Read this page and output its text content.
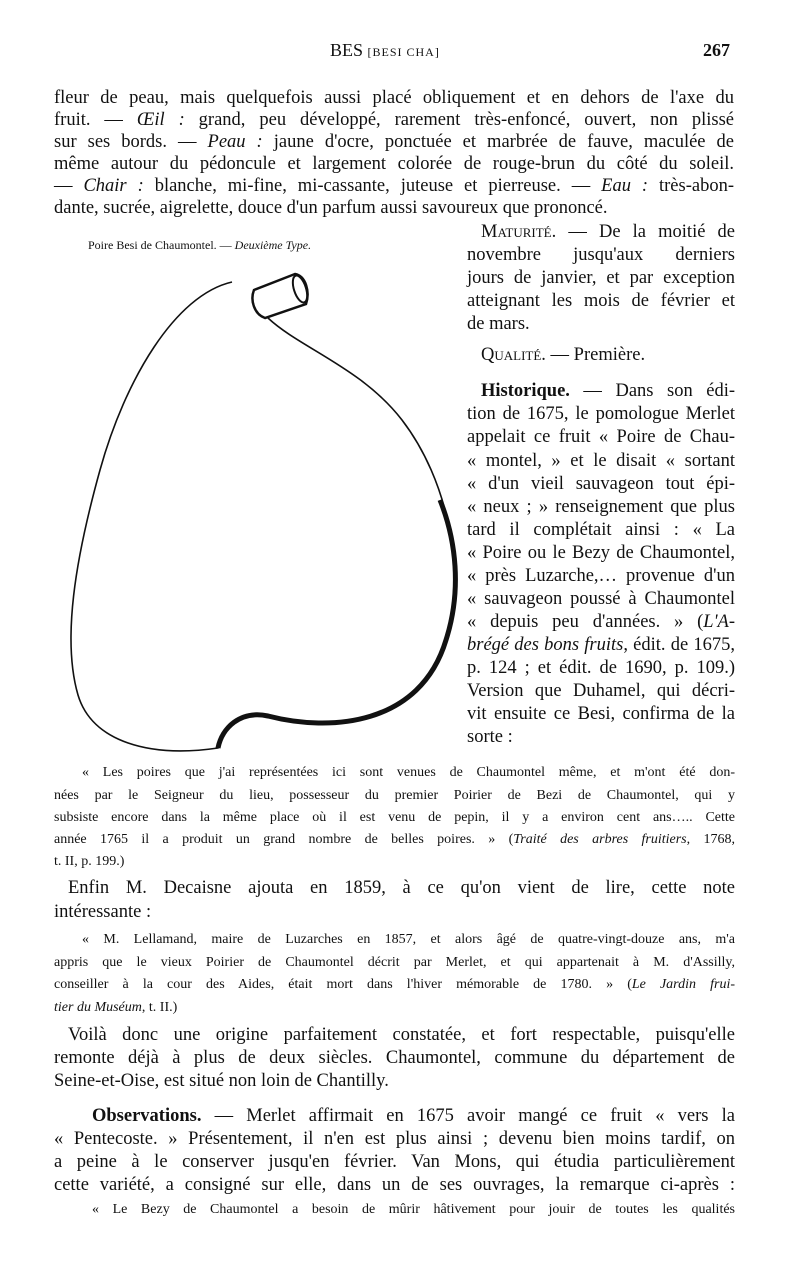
BES [BESI CHA]	267
Poire Besi de Chaumontel. — Deuxième Type.
fleur de peau, mais quelquefois aussi placé obliquement et en dehors de l'axe du
fruit. — Œil : grand, peu développé, rarement très-enfoncé, ouvert, non plissé
sur ses bords. — Peau : jaune d'ocre, ponctuée et marbrée de fauve, maculée de
même autour du pédoncule et largement colorée de rouge-brun du côté du soleil.
— Chair : blanche, mi-fine, mi-cassante, juteuse et pierreuse. — Eau : très-abon-
dante, sucrée, aigrelette, douce d'un parfum aussi savoureux que prononcé.
Maturité. — De la moitié de
novembre jusqu'aux derniers
jours de janvier, et par exception
atteignant les mois de février et
de mars.
Qualité. — Première.
Historique. — Dans son édi-
tion de 1675, le pomologue Merlet
appelait ce fruit « Poire de Chau-
« montel, » et le disait « sortant
« d'un vieil sauvageon tout épi-
« neux ; » renseignement que plus
tard il complétait ainsi : « La
« Poire ou le Bezy de Chaumontel,
« près Luzarche,… provenue d'un
« sauvageon poussé à Chaumontel
« depuis peu d'années. » (L'A-
brégé des bons fruits, édit. de 1675,
p. 124 ; et édit. de 1690, p. 109.)
Version que Duhamel, qui décri-
vit ensuite ce Besi, confirma de la
sorte :
« Les poires que j'ai représentées ici sont venues de Chaumontel même, et m'ont été don-
nées par le Seigneur du lieu, possesseur du premier Poirier de Bezi de Chaumontel, qui y
subsiste encore dans la même place où il est venu de pepin, il y a environ cent ans….. Cette
année 1765 il a produit un grand nombre de belles poires. » (Traité des arbres fruitiers, 1768,
t. II, p. 199.)
Enfin M. Decaisne ajouta en 1859, à ce qu'on vient de lire, cette note
intéressante :
« M. Lellamand, maire de Luzarches en 1857, et alors âgé de quatre-vingt-douze ans, m'a
appris que le vieux Poirier de Chaumontel décrit par Merlet, et qui appartenait à M. d'Assilly,
conseiller à la cour des Aides, était mort dans l'hiver mémorable de 1780. » (Le Jardin frui-
tier du Muséum, t. II.)
Voilà donc une origine parfaitement constatée, et fort respectable, puisqu'elle
remonte déjà à plus de deux siècles. Chaumontel, commune du département de
Seine-et-Oise, est situé non loin de Chantilly.
Observations. — Merlet affirmait en 1675 avoir mangé ce fruit « vers la
« Pentecoste. » Présentement, il n'en est plus ainsi ; devenu bien moins tardif, on
a peine à le conserver jusqu'en février. Van Mons, qui étudia particulièrement
cette variété, a consigné sur elle, dans un de ses ouvrages, la remarque ci-après :
« Le Bezy de Chaumontel a besoin de mûrir hâtivement pour jouir de toutes les qualités
